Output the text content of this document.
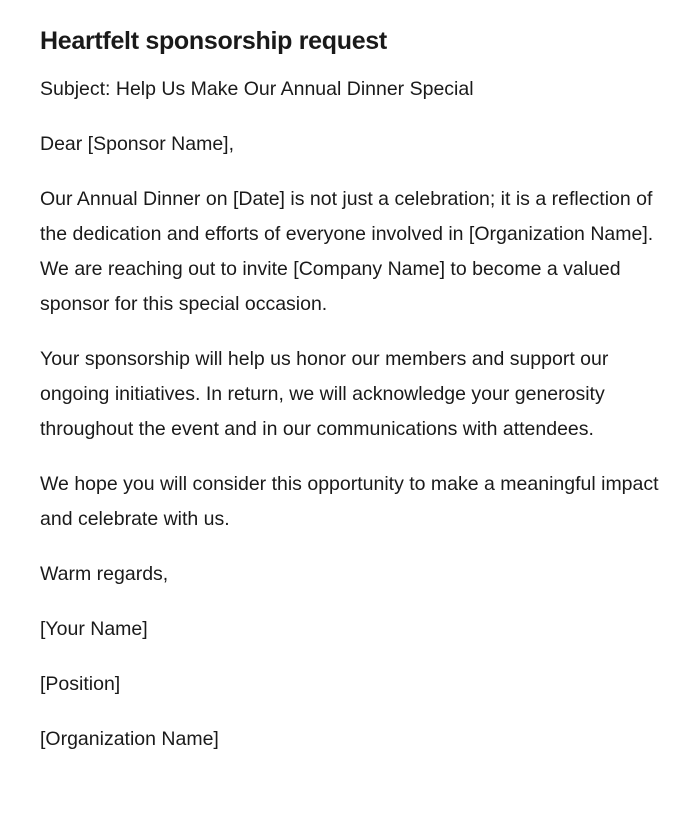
Heartfelt sponsorship request

Subject: Help Us Make Our Annual Dinner Special

Dear [Sponsor Name],

Our Annual Dinner on [Date] is not just a celebration; it is a reflection of the dedication and efforts of everyone involved in [Organization Name]. We are reaching out to invite [Company Name] to become a valued sponsor for this special occasion.

Your sponsorship will help us honor our members and support our ongoing initiatives. In return, we will acknowledge your generosity throughout the event and in our communications with attendees.

We hope you will consider this opportunity to make a meaningful impact and celebrate with us.

Warm regards,

[Your Name]

[Position]

[Organization Name]
